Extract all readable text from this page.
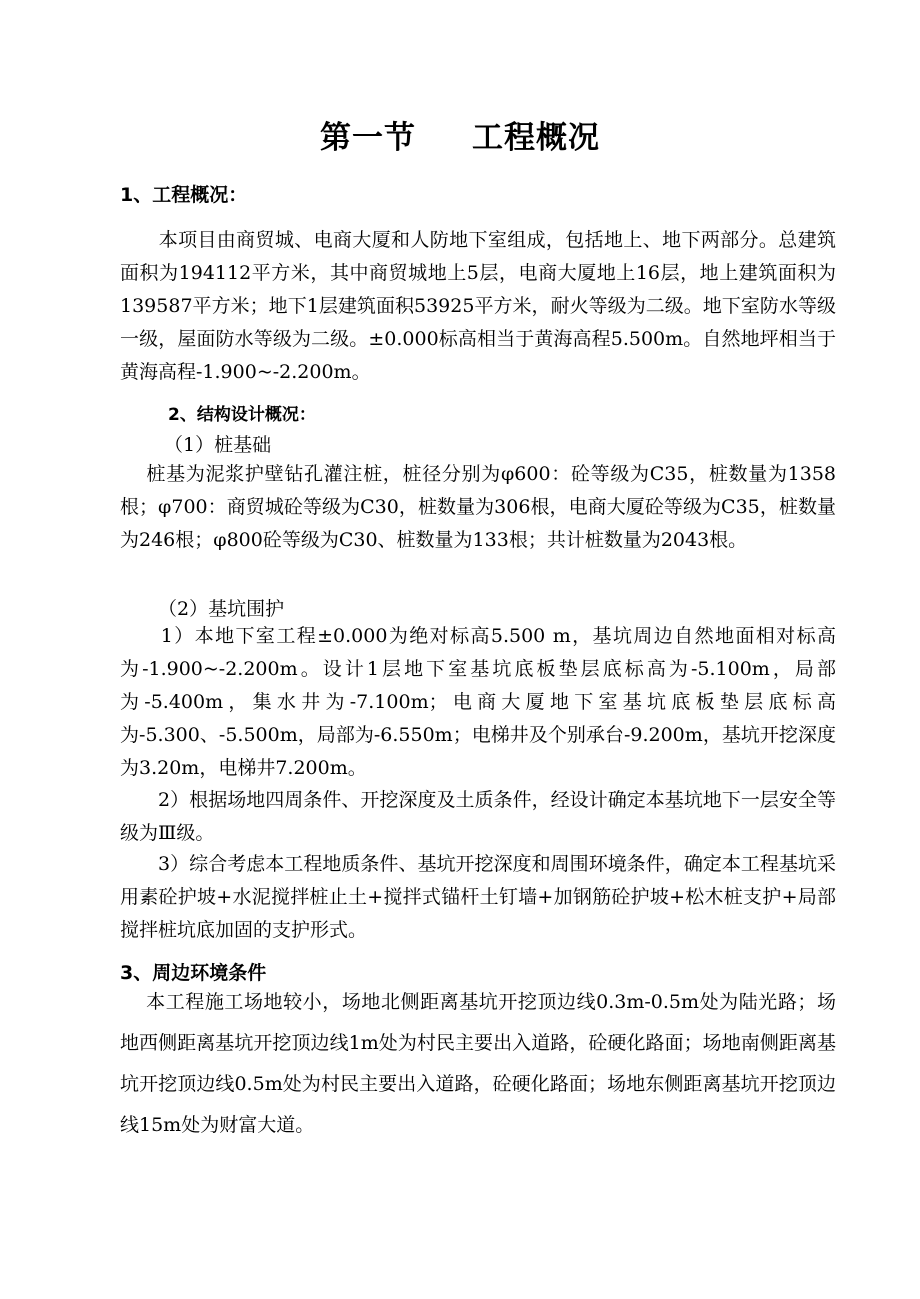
第一节 工程概况
1、工程概况：

　　本项目由商贸城、电商大厦和人防地下室组成，包括地上、地下两部分。总建筑面积为194112平方米，其中商贸城地上5层，电商大厦地上16层，地上建筑面积为139587平方米；地下1层建筑面积53925平方米，耐火等级为二级。地下室防水等级一级，屋面防水等级为二级。±0.000标高相当于黄海高程5.500m。自然地坪相当于黄海高程-1.900~-2.200m。

2、结构设计概况：
（1）桩基础

　 桩基为泥浆护壁钻孔灌注桩，桩径分别为φ600：砼等级为C35，桩数量为1358根；φ700：商贸城砼等级为C30，桩数量为306根，电商大厦砼等级为C35，桩数量为246根；φ800砼等级为C30、桩数量为133根；共计桩数量为2043根。

（2）基坑围护

　　1）本地下室工程±0.000为绝对标高5.500 m，基坑周边自然地面相对标高为-1.900~-2.200m。设计1层地下室基坑底板垫层底标高为-5.100m，局部为-5.400m，集水井为-7.100m；电商大厦地下室基坑底板垫层底标高为-5.300、-5.500m，局部为-6.550m；电梯井及个别承台-9.200m，基坑开挖深度为3.20m，电梯井7.200m。

　　2）根据场地四周条件、开挖深度及土质条件，经设计确定本基坑地下一层安全等级为Ⅲ级。

　　3）综合考虑本工程地质条件、基坑开挖深度和周围环境条件，确定本工程基坑采用素砼护坡+水泥搅拌桩止土+搅拌式锚杆土钉墙+加钢筋砼护坡+松木桩支护+局部搅拌桩坑底加固的支护形式。

3、周边环境条件

　 本工程施工场地较小，场地北侧距离基坑开挖顶边线0.3m-0.5m处为陆光路；场地西侧距离基坑开挖顶边线1m处为村民主要出入道路，砼硬化路面；场地南侧距离基坑开挖顶边线0.5m处为村民主要出入道路，砼硬化路面；场地东侧距离基坑开挖顶边线15m处为财富大道。
